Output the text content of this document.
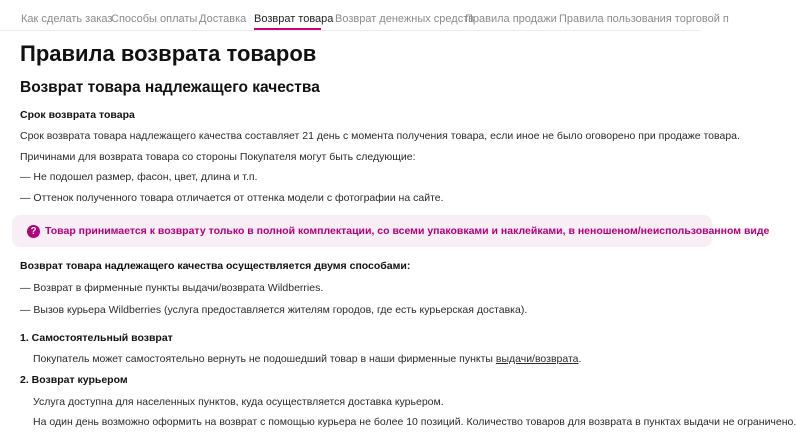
Как сделать заказ
Способы оплаты Доставка Возврат товара Возврат денежных средств
Правила продажи Правила пользования торговой п
Правила возврата товаров
Возврат товара надлежащего качества
Срок возврата товара
Срок возврата товара надлежащего качества составляет 21 день с момента получения товара, если иное не было оговорено при продаже товара.
Причинами для возврата товара со стороны Покупателя могут быть следующие:
— Не подошел размер, фасон, цвет, длина и т.п.
— Оттенок полученного товара отличается от оттенка модели с фотографии на сайте.
? Товар принимается к возврату только в полной комплектации, со всеми упаковками и наклейками, в неношеном/неиспользованном виде
Возврат товара надлежащего качества осуществляется двумя способами:
— Возврат в фирменные пункты выдачи/возврата Wildberries.
— Вызов курьера Wildberries (услуга предоставляется жителям городов, где есть курьерская доставка).
1. Самостоятельный возврат
Покупатель может самостоятельно вернуть не подошедший товар в наши фирменные пункты выдачи/возврата.
2. Возврат курьером
Услуга доступна для населенных пунктов, куда осуществляется доставка курьером.
На один день возможно оформить на возврат с помощью курьера не более 10 позиций. Количество товаров для возврата в пунктах выдачи не ограничено.
